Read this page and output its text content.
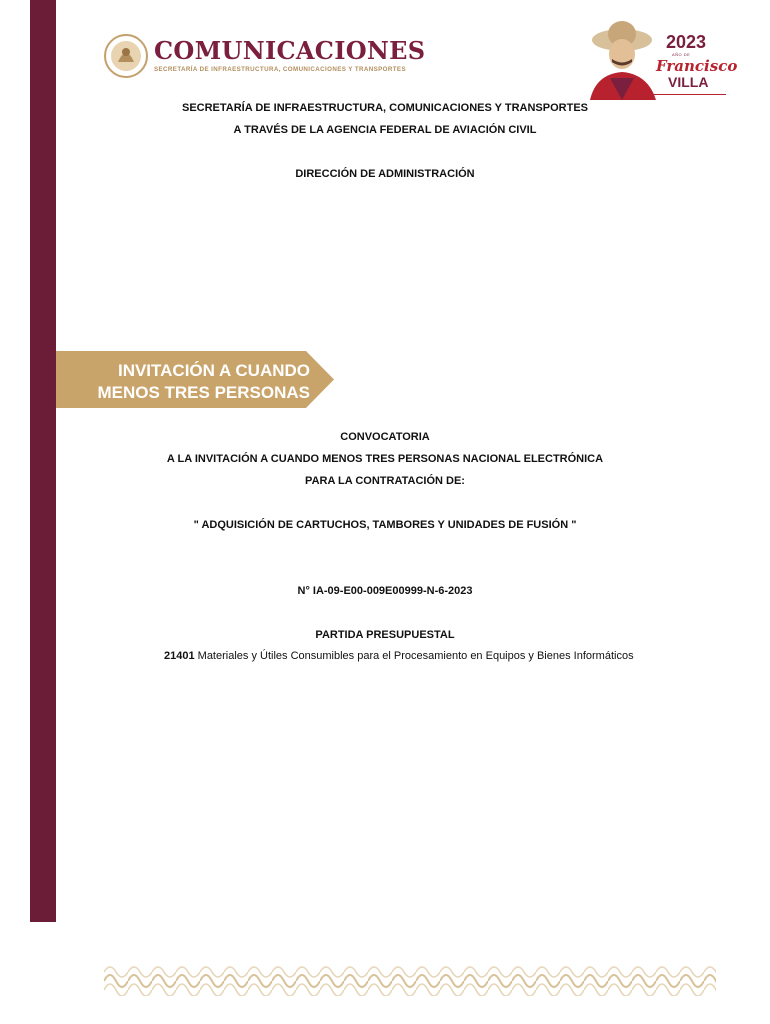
COMUNICACIONES
SECRETARÍA DE INFRAESTRUCTURA, COMUNICACIONES Y TRANSPORTES
2023
AÑO DE
Francisco
VILLA
SECRETARÍA DE INFRAESTRUCTURA, COMUNICACIONES Y TRANSPORTES
A TRAVÉS DE LA AGENCIA FEDERAL DE AVIACIÓN CIVIL
DIRECCIÓN DE ADMINISTRACIÓN
INVITACIÓN A CUANDO
MENOS TRES PERSONAS
CONVOCATORIA
A LA INVITACIÓN A CUANDO MENOS TRES PERSONAS NACIONAL ELECTRÓNICA
PARA LA CONTRATACIÓN DE:
" ADQUISICIÓN DE CARTUCHOS, TAMBORES Y UNIDADES DE FUSIÓN "
N° IA-09-E00-009E00999-N-6-2023
PARTIDA PRESUPUESTAL
21401 Materiales y Útiles Consumibles para el Procesamiento en Equipos y Bienes Informáticos
